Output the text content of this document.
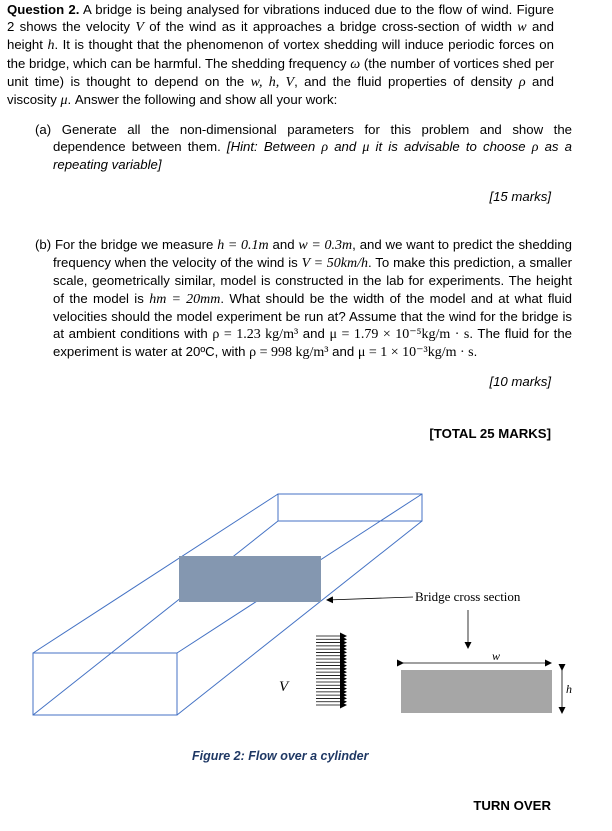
Question 2. A bridge is being analysed for vibrations induced due to the flow of wind. Figure 2 shows the velocity V of the wind as it approaches a bridge cross-section of width w and height h. It is thought that the phenomenon of vortex shedding will induce periodic forces on the bridge, which can be harmful. The shedding frequency ω (the number of vortices shed per unit time) is thought to depend on the w, h, V, and the fluid properties of density ρ and viscosity μ. Answer the following and show all your work:
(a) Generate all the non-dimensional parameters for this problem and show the dependence between them. [Hint: Between ρ and μ it is advisable to choose ρ as a repeating variable]
[15 marks]
(b) For the bridge we measure h = 0.1m and w = 0.3m, and we want to predict the shedding frequency when the velocity of the wind is V = 50km/h. To make this prediction, a smaller scale, geometrically similar, model is constructed in the lab for experiments. The height of the model is hm = 20mm. What should be the width of the model and at what fluid velocities should the model experiment be run at? Assume that the wind for the bridge is at ambient conditions with ρ = 1.23 kg/m³ and μ = 1.79 × 10⁻⁵kg/m · s. The fluid for the experiment is water at 20ºC, with ρ = 998 kg/m³ and μ = 1 × 10⁻³kg/m · s.
[10 marks]
[TOTAL 25 MARKS]
Bridge cross section
V
w
h
Figure 2: Flow over a cylinder
TURN OVER
